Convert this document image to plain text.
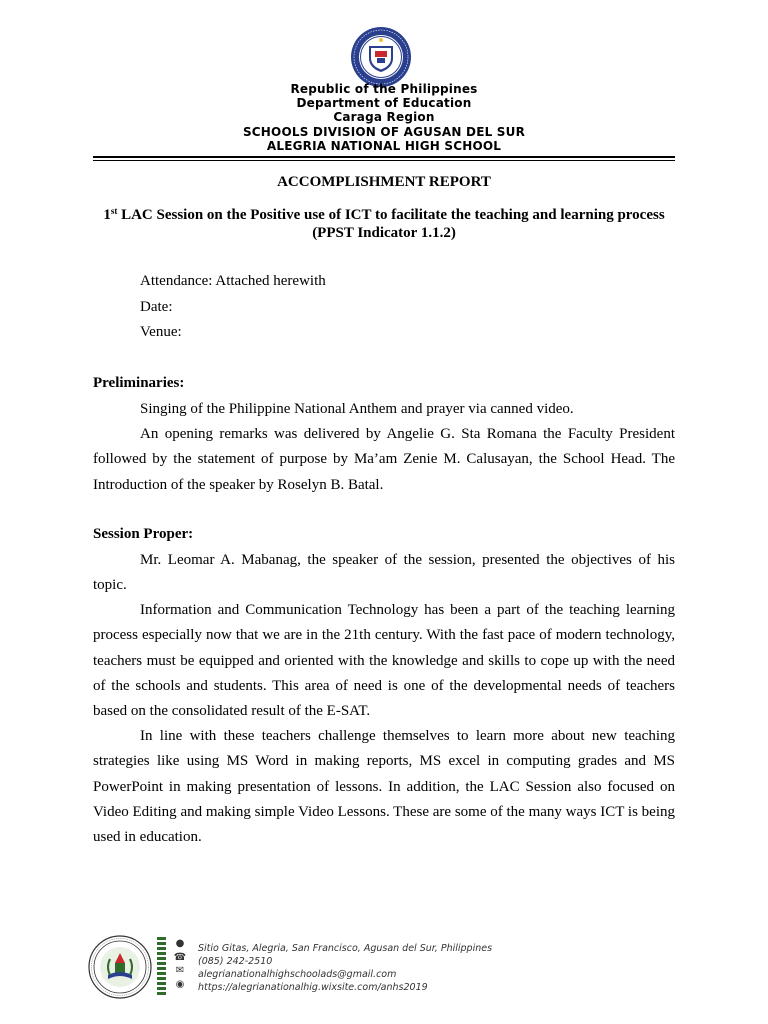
Republic of the Philippines
Department of Education
Caraga Region
SCHOOLS DIVISION OF AGUSAN DEL SUR
ALEGRIA NATIONAL HIGH SCHOOL
ACCOMPLISHMENT REPORT
1st LAC Session on the Positive use of ICT to facilitate the teaching and learning process
(PPST Indicator 1.1.2)
Attendance: Attached herewith
Date:
Venue:
Preliminaries:

Singing of the Philippine National Anthem and prayer via canned video.

An opening remarks was delivered by Angelie G. Sta Romana the Faculty President followed by the statement of purpose by Ma’am Zenie M. Calusayan, the School Head. The Introduction of the speaker by Roselyn B. Batal.

Session Proper:

Mr. Leomar A. Mabanag, the speaker of the session, presented the objectives of his topic.

Information and Communication Technology has been a part of the teaching learning process especially now that we are in the 21th century. With the fast pace of modern technology, teachers must be equipped and oriented with the knowledge and skills to cope up with the need of the schools and students. This area of need is one of the developmental needs of teachers based on the consolidated result of the E-SAT.

In line with these teachers challenge themselves to learn more about new teaching strategies like using MS Word in making reports, MS excel in computing grades and MS PowerPoint in making presentation of lessons. In addition, the LAC Session also focused on Video Editing and making simple Video Lessons. These are some of the many ways ICT is being used in education.

●
☎
✉
◉
Sitio Gitas, Alegria, San Francisco, Agusan del Sur, Philippines
(085) 242-2510
alegrianationalhighschoolads@gmail.com
https://alegrianationalhig.wixsite.com/anhs2019
